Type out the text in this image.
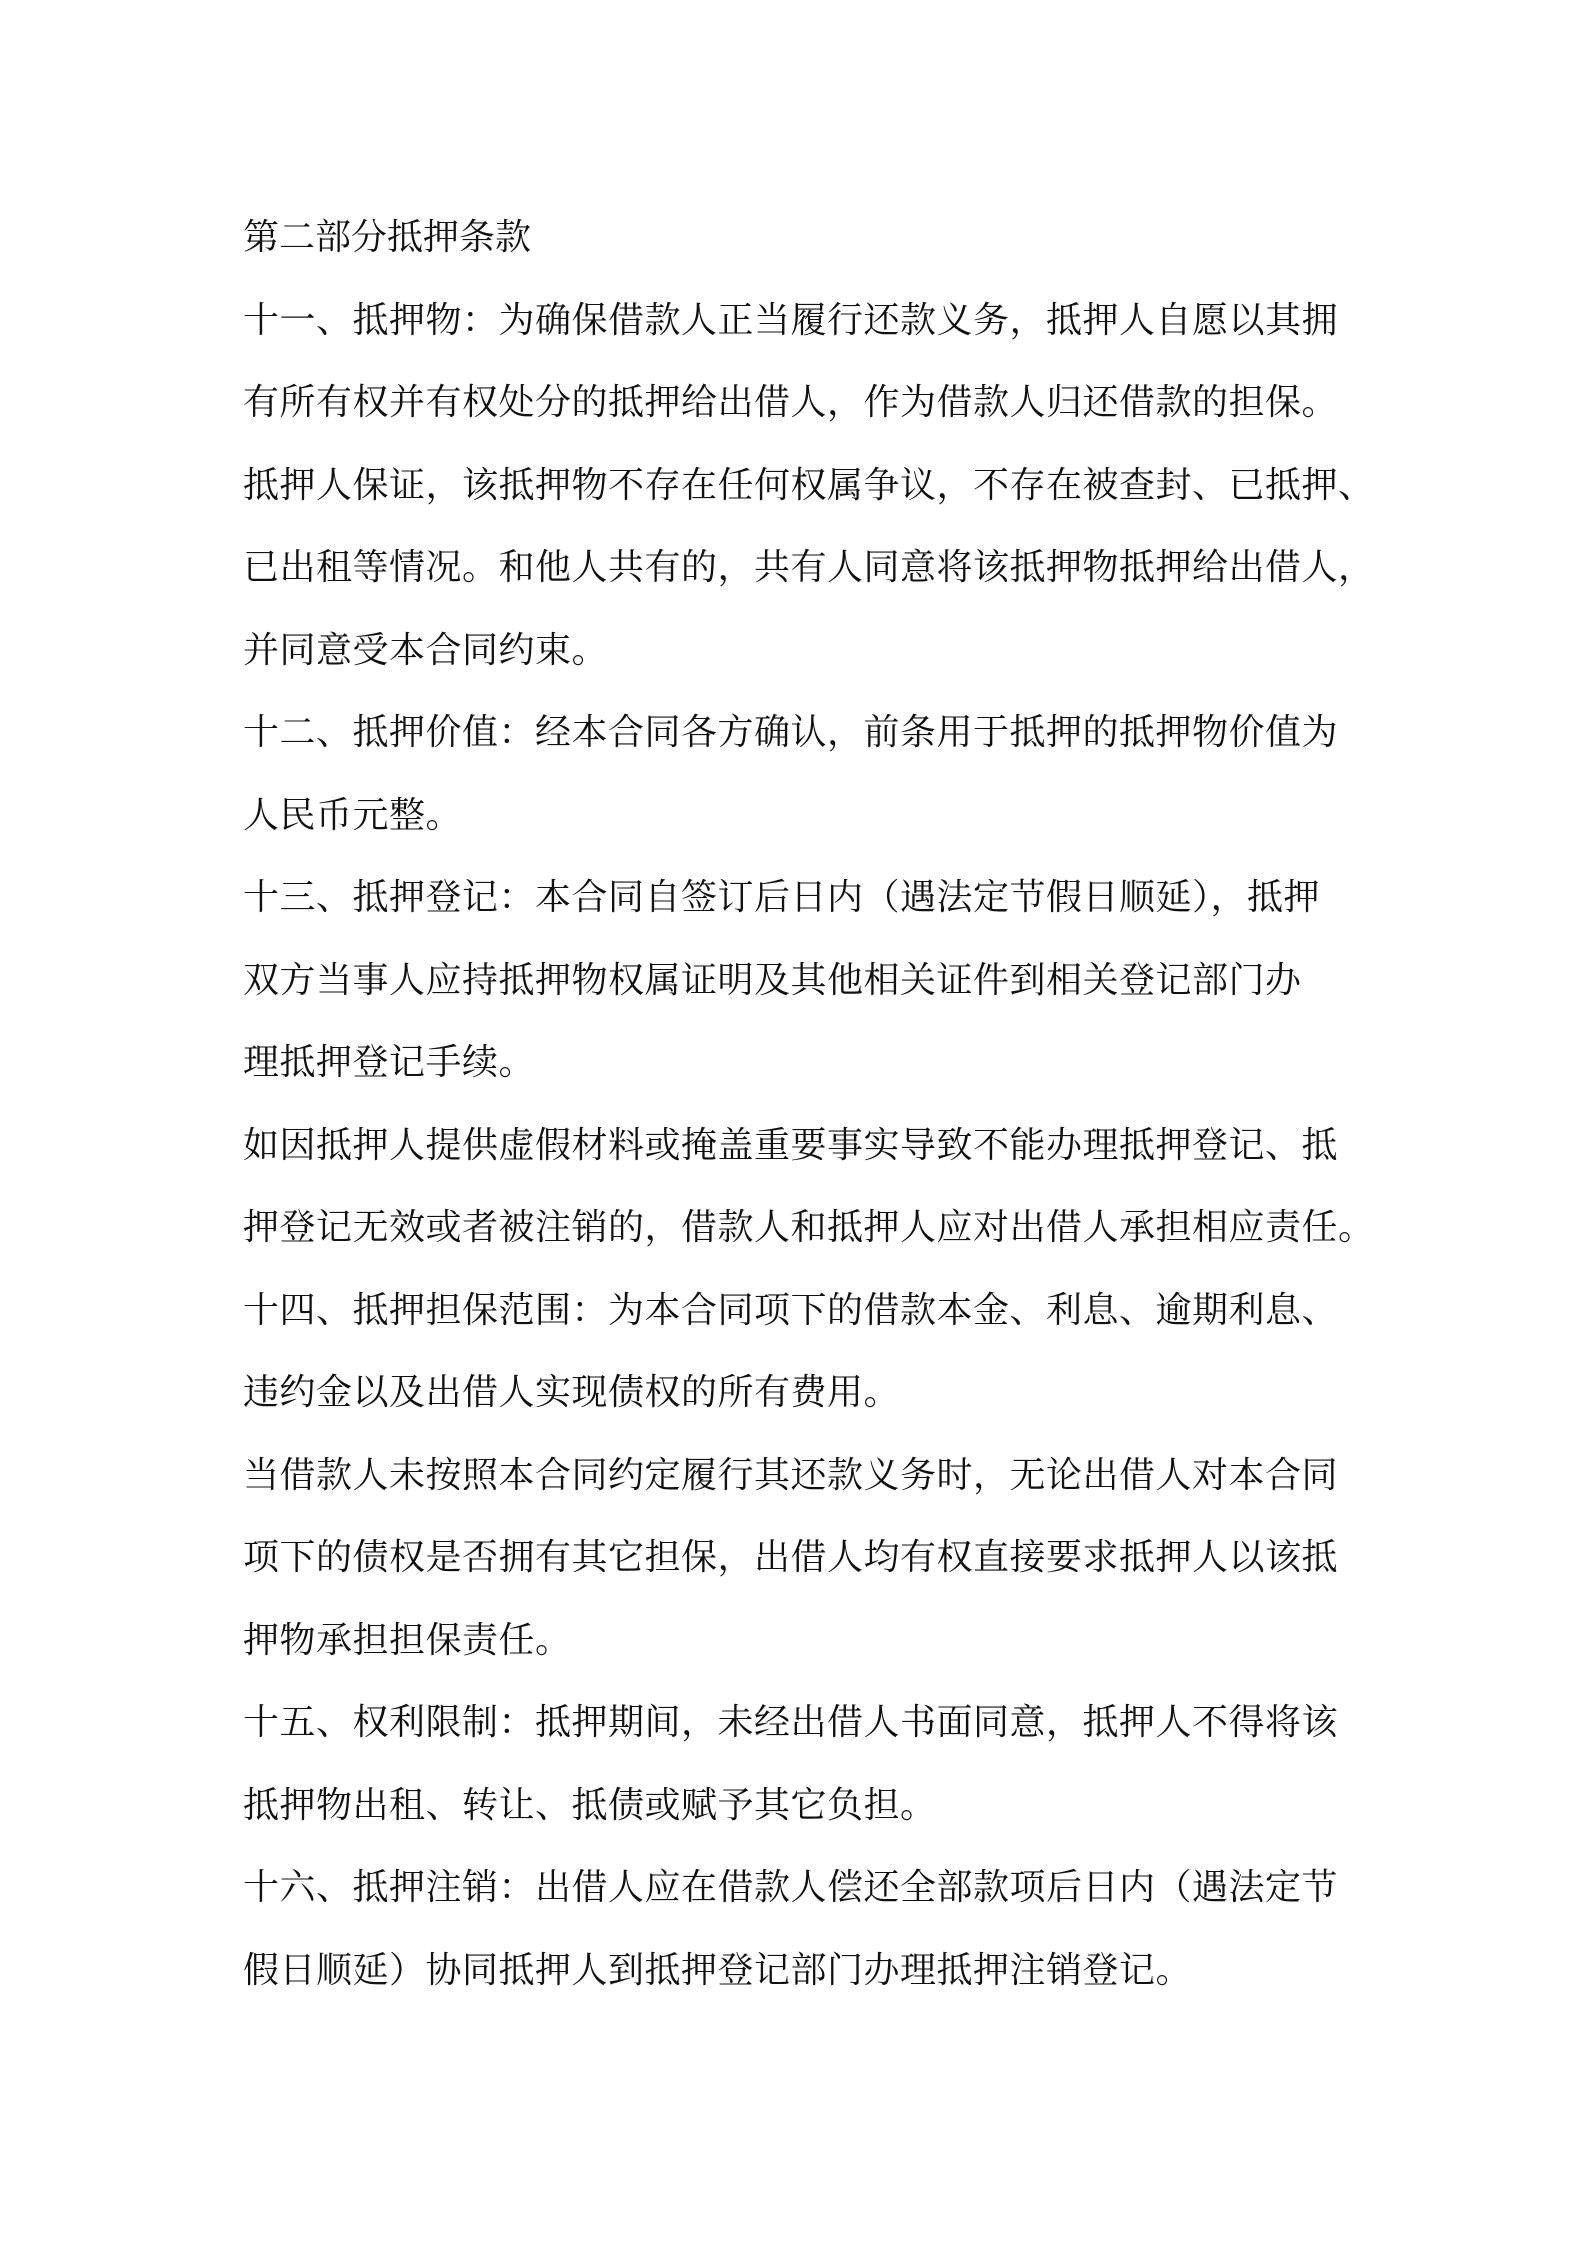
第二部分抵押条款
十一、抵押物：为确保借款人正当履行还款义务，抵押人自愿以其拥
有所有权并有权处分的抵押给出借人，作为借款人归还借款的担保。
抵押人保证，该抵押物不存在任何权属争议，不存在被查封、已抵押、
已出租等情况。和他人共有的，共有人同意将该抵押物抵押给出借人，
并同意受本合同约束。
十二、抵押价值：经本合同各方确认，前条用于抵押的抵押物价值为
人民币元整。
十三、抵押登记：本合同自签订后日内（遇法定节假日顺延），抵押
双方当事人应持抵押物权属证明及其他相关证件到相关登记部门办
理抵押登记手续。
如因抵押人提供虚假材料或掩盖重要事实导致不能办理抵押登记、抵
押登记无效或者被注销的，借款人和抵押人应对出借人承担相应责任。
十四、抵押担保范围：为本合同项下的借款本金、利息、逾期利息、
违约金以及出借人实现债权的所有费用。
当借款人未按照本合同约定履行其还款义务时，无论出借人对本合同
项下的债权是否拥有其它担保，出借人均有权直接要求抵押人以该抵
押物承担担保责任。
十五、权利限制：抵押期间，未经出借人书面同意，抵押人不得将该
抵押物出租、转让、抵债或赋予其它负担。
十六、抵押注销：出借人应在借款人偿还全部款项后日内（遇法定节
假日顺延）协同抵押人到抵押登记部门办理抵押注销登记。
